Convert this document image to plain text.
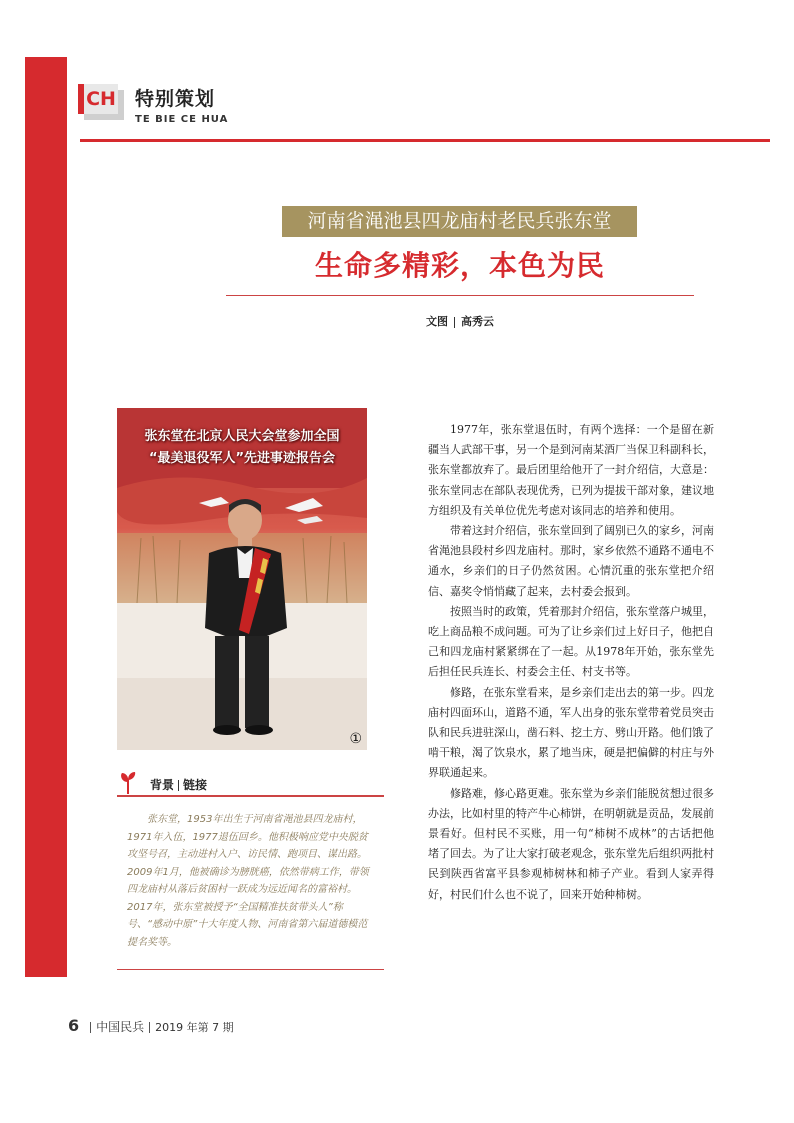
CH 特别策划
TE BIE CE HUA
河南省渑池县四龙庙村老民兵张东堂
生命多精彩，本色为民
文图 高秀云
张东堂在北京人民大会堂参加全国
“最美退役军人”先进事迹报告会
①
背景 链接
张东堂，1953年出生于河南省渑池县四龙庙村，1971年入伍，1977退伍回乡。他积极响应党中央脱贫攻坚号召，主动进村入户、访民情、跑项目、谋出路。2009年1月，他被确诊为膀胱癌，依然带病工作，带领四龙庙村从落后贫困村一跃成为远近闻名的富裕村。2017年，张东堂被授予“全国精准扶贫带头人”称号、“感动中原”十大年度人物、河南省第六届道德模范提名奖等。

1977年，张东堂退伍时，有两个选择：一个是留在新疆当人武部干事，另一个是到河南某酒厂当保卫科副科长，张东堂都放弃了。最后团里给他开了一封介绍信，大意是：张东堂同志在部队表现优秀，已列为提拔干部对象，建议地方组织及有关单位优先考虑对该同志的培养和使用。

带着这封介绍信，张东堂回到了阔别已久的家乡，河南省渑池县段村乡四龙庙村。那时，家乡依然不通路不通电不通水，乡亲们的日子仍然贫困。心情沉重的张东堂把介绍信、嘉奖令悄悄藏了起来，去村委会报到。

按照当时的政策，凭着那封介绍信，张东堂落户城里，吃上商品粮不成问题。可为了让乡亲们过上好日子，他把自己和四龙庙村紧紧绑在了一起。从1978年开始，张东堂先后担任民兵连长、村委会主任、村支书等。

修路，在张东堂看来，是乡亲们走出去的第一步。四龙庙村四面环山，道路不通，军人出身的张东堂带着党员突击队和民兵进驻深山，凿石料、挖土方、劈山开路。他们饿了啃干粮，渴了饮泉水，累了地当床，硬是把偏僻的村庄与外界联通起来。

修路难，修心路更难。张东堂为乡亲们能脱贫想过很多办法，比如村里的特产牛心柿饼，在明朝就是贡品，发展前景看好。但村民不买账，用一句“柿树不成林”的古话把他堵了回去。为了让大家打破老观念，张东堂先后组织两批村民到陕西省富平县参观柿树林和柿子产业。看到人家弄得好，村民们什么也不说了，回来开始种柿树。

6 中国民兵 2019 年第 7 期
